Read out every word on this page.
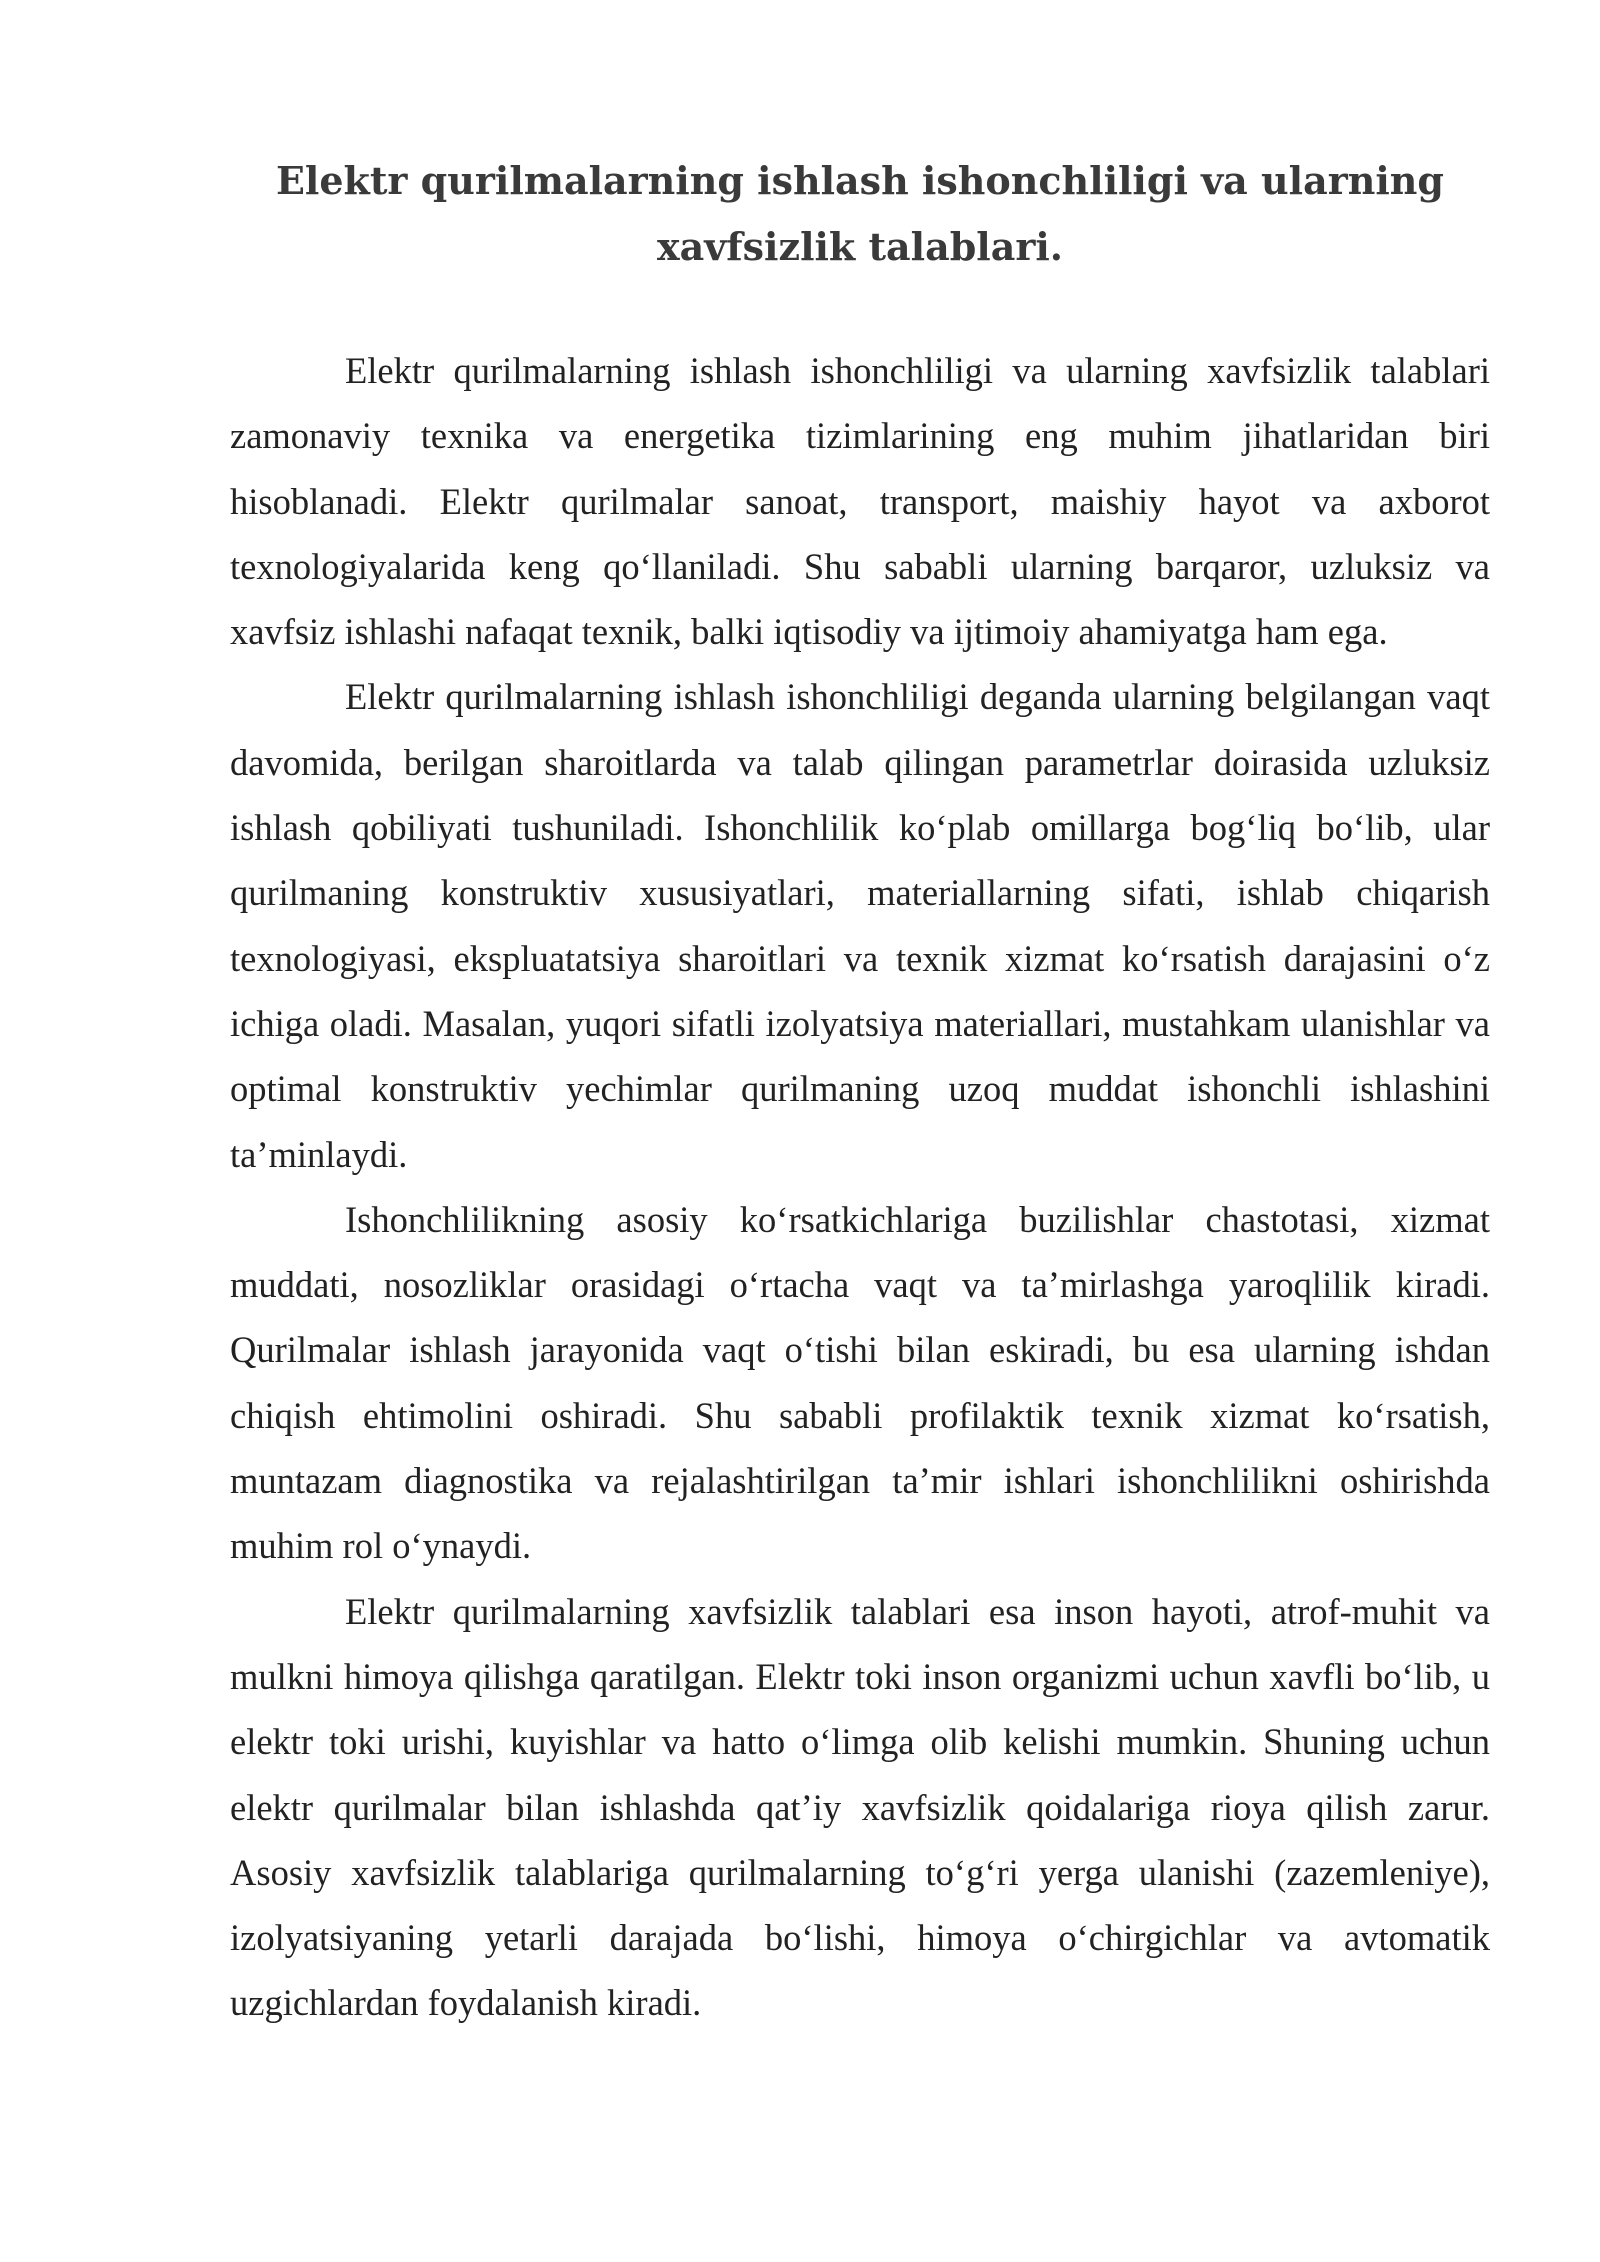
Elektr qurilmalarning ishlash ishonchliligi va ularning xavfsizlik talablari.

Elektr qurilmalarning ishlash ishonchliligi va ularning xavfsizlik talablari zamonaviy texnika va energetika tizimlarining eng muhim jihatlaridan biri hisoblanadi. Elektr qurilmalar sanoat, transport, maishiy hayot va axborot texnologiyalarida keng qo‘llaniladi. Shu sababli ularning barqaror, uzluksiz va xavfsiz ishlashi nafaqat texnik, balki iqtisodiy va ijtimoiy ahamiyatga ham ega.

Elektr qurilmalarning ishlash ishonchliligi deganda ularning belgilangan vaqt davomida, berilgan sharoitlarda va talab qilingan parametrlar doirasida uzluksiz ishlash qobiliyati tushuniladi. Ishonchlilik ko‘plab omillarga bog‘liq bo‘lib, ular qurilmaning konstruktiv xususiyatlari, materiallarning sifati, ishlab chiqarish texnologiyasi, ekspluatatsiya sharoitlari va texnik xizmat ko‘rsatish darajasini o‘z ichiga oladi. Masalan, yuqori sifatli izolyatsiya materiallari, mustahkam ulanishlar va optimal konstruktiv yechimlar qurilmaning uzoq muddat ishonchli ishlashini ta’minlaydi.

Ishonchlilikning asosiy ko‘rsatkichlariga buzilishlar chastotasi, xizmat muddati, nosozliklar orasidagi o‘rtacha vaqt va ta’mirlashga yaroqlilik kiradi. Qurilmalar ishlash jarayonida vaqt o‘tishi bilan eskiradi, bu esa ularning ishdan chiqish ehtimolini oshiradi. Shu sababli profilaktik texnik xizmat ko‘rsatish, muntazam diagnostika va rejalashtirilgan ta’mir ishlari ishonchlilikni oshirishda muhim rol o‘ynaydi.

Elektr qurilmalarning xavfsizlik talablari esa inson hayoti, atrof-muhit va mulkni himoya qilishga qaratilgan. Elektr toki inson organizmi uchun xavfli bo‘lib, u elektr toki urishi, kuyishlar va hatto o‘limga olib kelishi mumkin. Shuning uchun elektr qurilmalar bilan ishlashda qat’iy xavfsizlik qoidalariga rioya qilish zarur. Asosiy xavfsizlik talablariga qurilmalarning to‘g‘ri yerga ulanishi (zazemleniye), izolyatsiyaning yetarli darajada bo‘lishi, himoya o‘chirgichlar va avtomatik uzgichlardan foydalanish kiradi.
